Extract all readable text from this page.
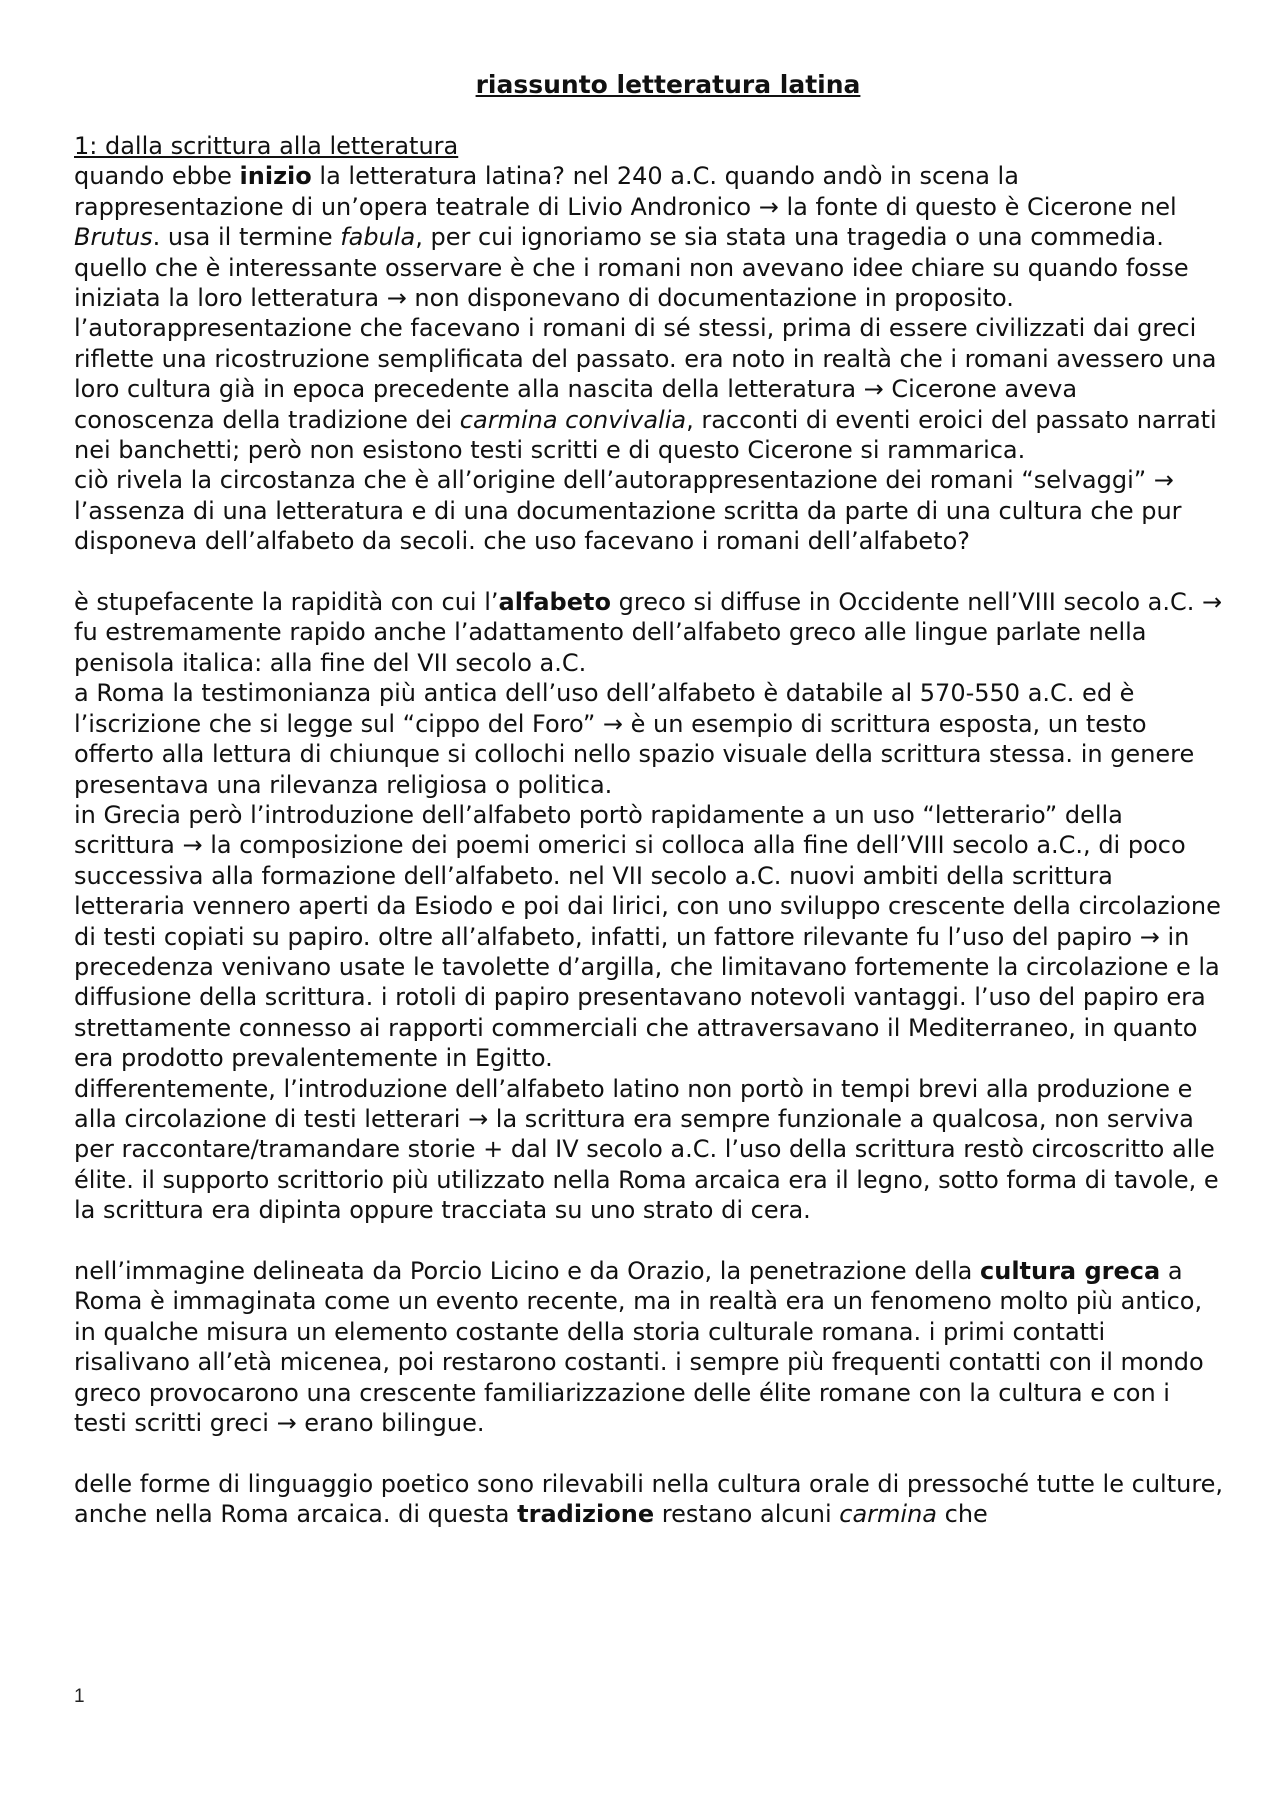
riassunto letteratura latina
1: dalla scrittura alla letteratura

quando ebbe inizio la letteratura latina? nel 240 a.C. quando andò in scena la rappresentazione di un’opera teatrale di Livio Andronico → la fonte di questo è Cicerone nel Brutus. usa il termine fabula, per cui ignoriamo se sia stata una tragedia o una commedia.

quello che è interessante osservare è che i romani non avevano idee chiare su quando fosse iniziata la loro letteratura → non disponevano di documentazione in proposito. l’autorappresentazione che facevano i romani di sé stessi, prima di essere civilizzati dai greci riflette una ricostruzione semplificata del passato. era noto in realtà che i romani avessero una loro cultura già in epoca precedente alla nascita della letteratura → Cicerone aveva conoscenza della tradizione dei carmina convivalia, racconti di eventi eroici del passato narrati nei banchetti; però non esistono testi scritti e di questo Cicerone si rammarica.

ciò rivela la circostanza che è all’origine dell’autorappresentazione dei romani “selvaggi” → l’assenza di una letteratura e di una documentazione scritta da parte di una cultura che pur disponeva dell’alfabeto da secoli. che uso facevano i romani dell’alfabeto?

è stupefacente la rapidità con cui l’alfabeto greco si diffuse in Occidente nell’VIII secolo a.C. → fu estremamente rapido anche l’adattamento dell’alfabeto greco alle lingue parlate nella penisola italica: alla fine del VII secolo a.C.

a Roma la testimonianza più antica dell’uso dell’alfabeto è databile al 570-550 a.C. ed è l’iscrizione che si legge sul “cippo del Foro” → è un esempio di scrittura esposta, un testo offerto alla lettura di chiunque si collochi nello spazio visuale della scrittura stessa. in genere presentava una rilevanza religiosa o politica.

in Grecia però l’introduzione dell’alfabeto portò rapidamente a un uso “letterario” della scrittura → la composizione dei poemi omerici si colloca alla fine dell’VIII secolo a.C., di poco successiva alla formazione dell’alfabeto. nel VII secolo a.C. nuovi ambiti della scrittura letteraria vennero aperti da Esiodo e poi dai lirici, con uno sviluppo crescente della circolazione di testi copiati su papiro. oltre all’alfabeto, infatti, un fattore rilevante fu l’uso del papiro → in precedenza venivano usate le tavolette d’argilla, che limitavano fortemente la circolazione e la diffusione della scrittura. i rotoli di papiro presentavano notevoli vantaggi. l’uso del papiro era strettamente connesso ai rapporti commerciali che attraversavano il Mediterraneo, in quanto era prodotto prevalentemente in Egitto.

differentemente, l’introduzione dell’alfabeto latino non portò in tempi brevi alla produzione e alla circolazione di testi letterari → la scrittura era sempre funzionale a qualcosa, non serviva per raccontare/tramandare storie + dal IV secolo a.C. l’uso della scrittura restò circoscritto alle élite. il supporto scrittorio più utilizzato nella Roma arcaica era il legno, sotto forma di tavole, e la scrittura era dipinta oppure tracciata su uno strato di cera.

nell’immagine delineata da Porcio Licino e da Orazio, la penetrazione della cultura greca a Roma è immaginata come un evento recente, ma in realtà era un fenomeno molto più antico, in qualche misura un elemento costante della storia culturale romana. i primi contatti risalivano all’età micenea, poi restarono costanti. i sempre più frequenti contatti con il mondo greco provocarono una crescente familiarizzazione delle élite romane con la cultura e con i testi scritti greci → erano bilingue.

delle forme di linguaggio poetico sono rilevabili nella cultura orale di pressoché tutte le culture, anche nella Roma arcaica. di questa tradizione restano alcuni carmina che

1
